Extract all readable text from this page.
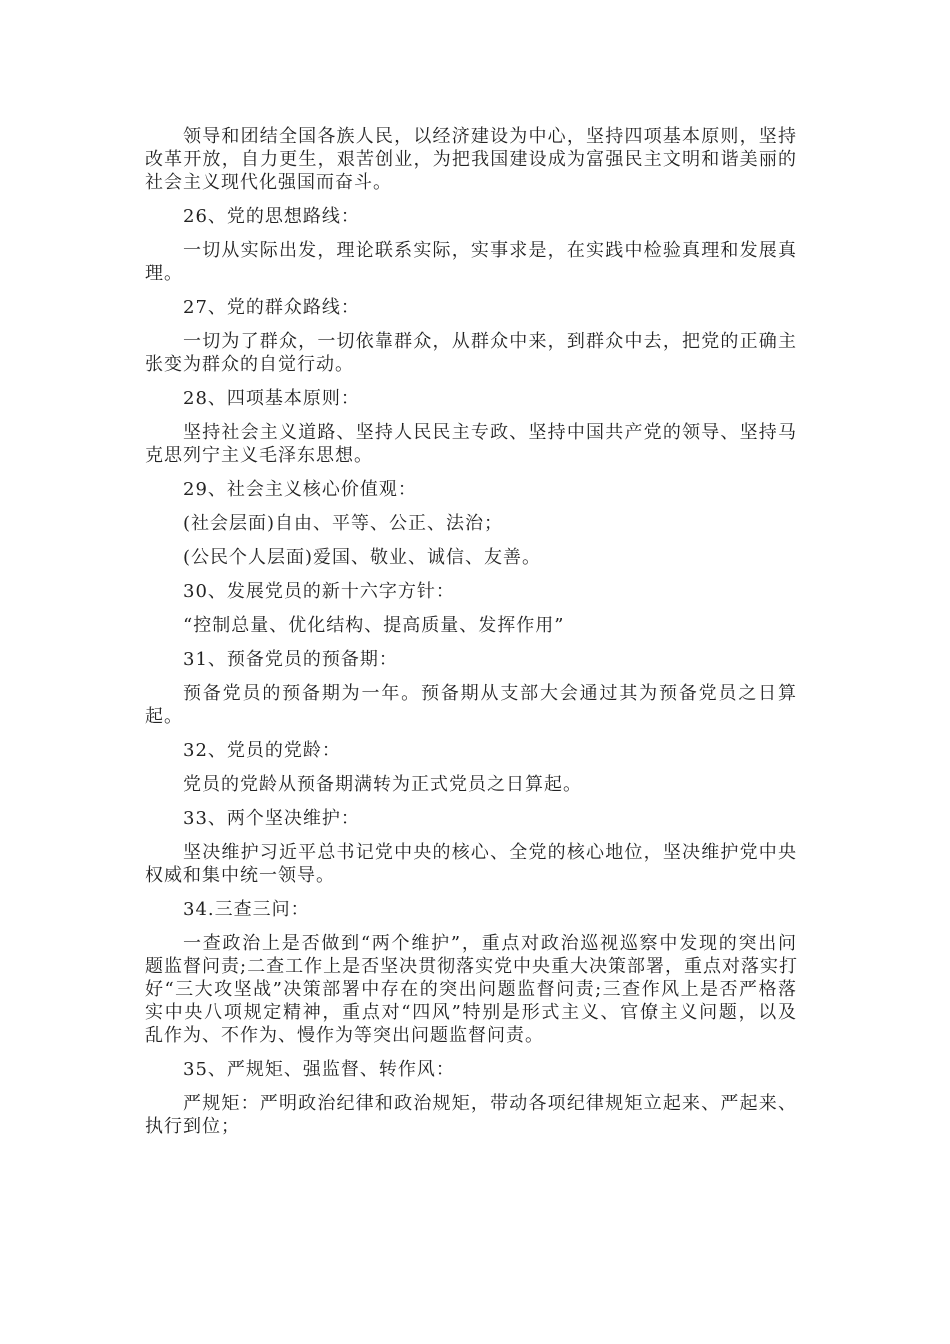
领导和团结全国各族人民，以经济建设为中心，坚持四项基本原则，坚持
改革开放，自力更生，艰苦创业，为把我国建设成为富强民主文明和谐美丽的
社会主义现代化强国而奋斗。
26、党的思想路线：
一切从实际出发，理论联系实际，实事求是，在实践中检验真理和发展真
理。
27、党的群众路线：
一切为了群众，一切依靠群众，从群众中来，到群众中去，把党的正确主
张变为群众的自觉行动。
28、四项基本原则：
坚持社会主义道路、坚持人民民主专政、坚持中国共产党的领导、坚持马
克思列宁主义毛泽东思想。
29、社会主义核心价值观：
(社会层面)自由、平等、公正、法治；
(公民个人层面)爱国、敬业、诚信、友善。
30、发展党员的新十六字方针：
“控制总量、优化结构、提高质量、发挥作用”
31、预备党员的预备期：
预备党员的预备期为一年。预备期从支部大会通过其为预备党员之日算
起。
32、党员的党龄：
党员的党龄从预备期满转为正式党员之日算起。
33、两个坚决维护：
坚决维护习近平总书记党中央的核心、全党的核心地位，坚决维护党中央
权威和集中统一领导。
34.三查三问：
一查政治上是否做到“两个维护”，重点对政治巡视巡察中发现的突出问
题监督问责;二查工作上是否坚决贯彻落实党中央重大决策部署，重点对落实打
好“三大攻坚战”决策部署中存在的突出问题监督问责;三查作风上是否严格落
实中央八项规定精神，重点对“四风”特别是形式主义、官僚主义问题，以及
乱作为、不作为、慢作为等突出问题监督问责。
35、严规矩、强监督、转作风：
严规矩：严明政治纪律和政治规矩，带动各项纪律规矩立起来、严起来、
执行到位；
